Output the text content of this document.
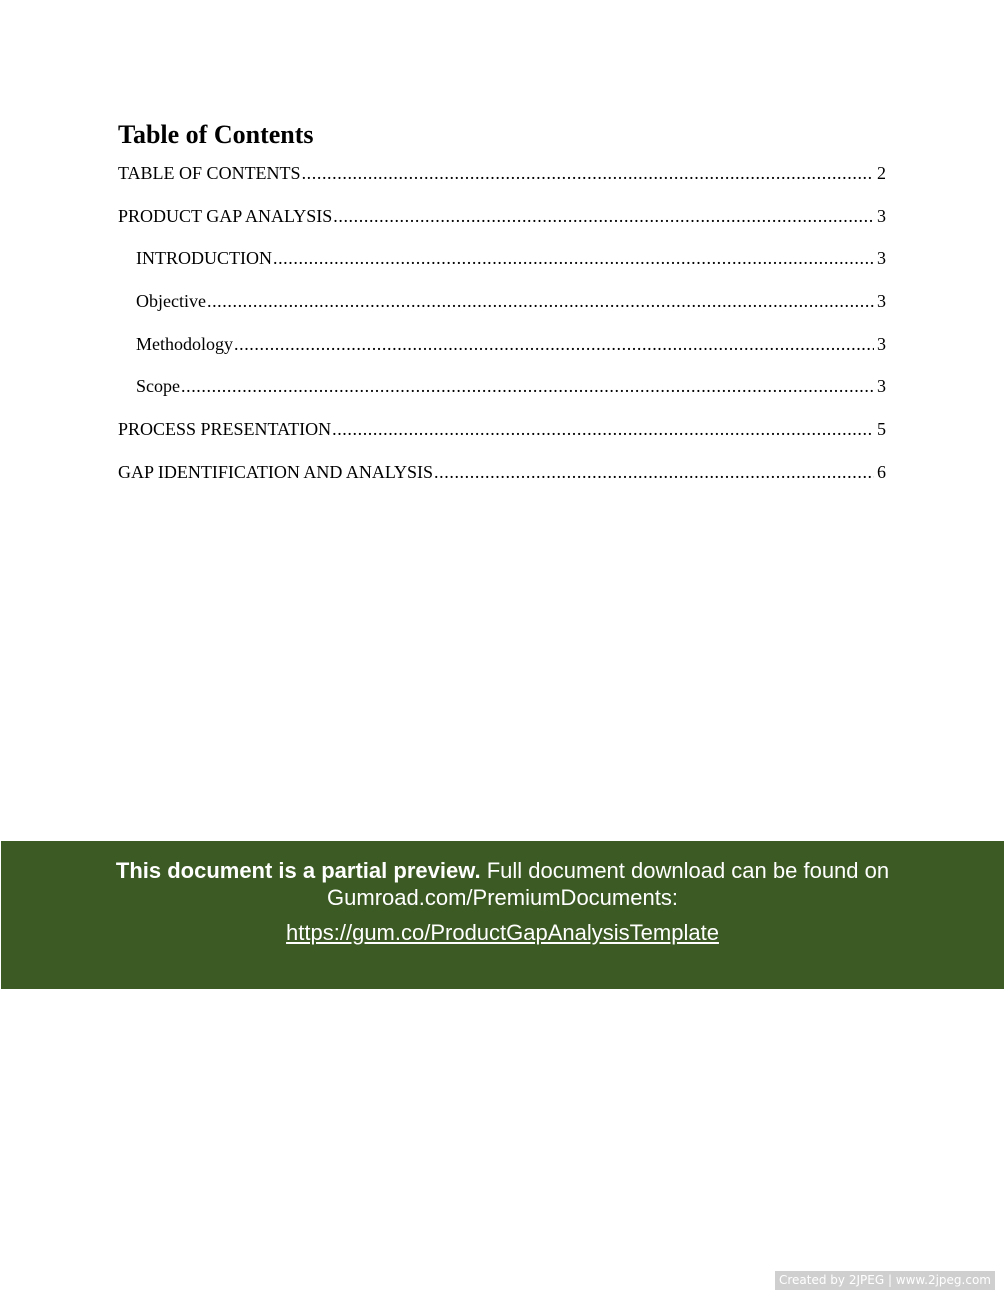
Table of Contents
TABLE OF CONTENTS .....	2
PRODUCT GAP ANALYSIS .....	3
INTRODUCTION .....	3
Objective .....	3
Methodology .....	3
Scope .....	3
PROCESS PRESENTATION .....	5
GAP IDENTIFICATION AND ANALYSIS .....	6
This document is a partial preview. Full document download can be found on Gumroad.com/PremiumDocuments:
https://gum.co/ProductGapAnalysisTemplate
Created by 2JPEG | www.2jpeg.com
